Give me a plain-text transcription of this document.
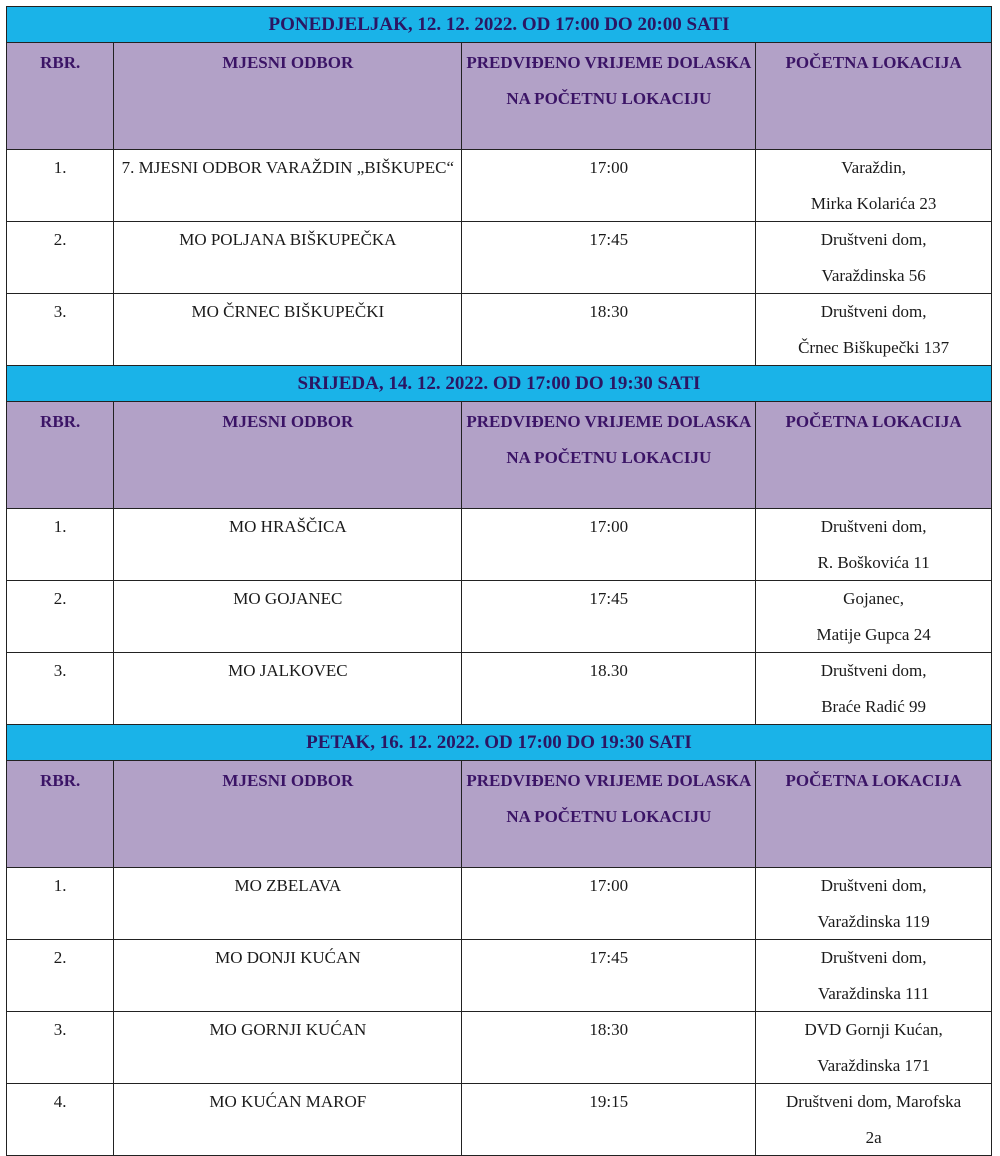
PONEDJELJAK, 12. 12. 2022. OD 17:00 DO 20:00 SATI			
RBR.	MJESNI ODBOR	PREDVIĐENO VRIJEME DOLASKA NA POČETNU LOKACIJU	POČETNA LOKACIJA
1.	7. MJESNI ODBOR VARAŽDIN „BIŠKUPEC“	17:00	Varaždin,
Mirka Kolarića 23

2.	MO POLJANA BIŠKUPEČKA	17:45	Društveni dom,
Varaždinska 56

3.	MO ČRNEC BIŠKUPEČKI	18:30	Društveni dom,
Črnec Biškupečki 137

SRIJEDA, 14. 12. 2022. OD 17:00 DO 19:30 SATI			
RBR.	MJESNI ODBOR	PREDVIĐENO VRIJEME DOLASKA NA POČETNU LOKACIJU	POČETNA LOKACIJA
1.	MO HRAŠČICA	17:00	Društveni dom,
R. Boškovića 11

2.	MO GOJANEC	17:45	Gojanec,
Matije Gupca 24

3.	MO JALKOVEC	18.30	Društveni dom,
Braće Radić 99

PETAK, 16. 12. 2022. OD 17:00 DO 19:30 SATI			
RBR.	MJESNI ODBOR	PREDVIĐENO VRIJEME DOLASKA NA POČETNU LOKACIJU	POČETNA LOKACIJA
1.	MO ZBELAVA	17:00	Društveni dom,
Varaždinska 119

2.	MO DONJI KUĆAN	17:45	Društveni dom,
Varaždinska 111

3.	MO GORNJI KUĆAN	18:30	DVD Gornji Kućan,
Varaždinska 171

4.	MO KUĆAN MAROF	19:15	Društveni dom, Marofska
2a
